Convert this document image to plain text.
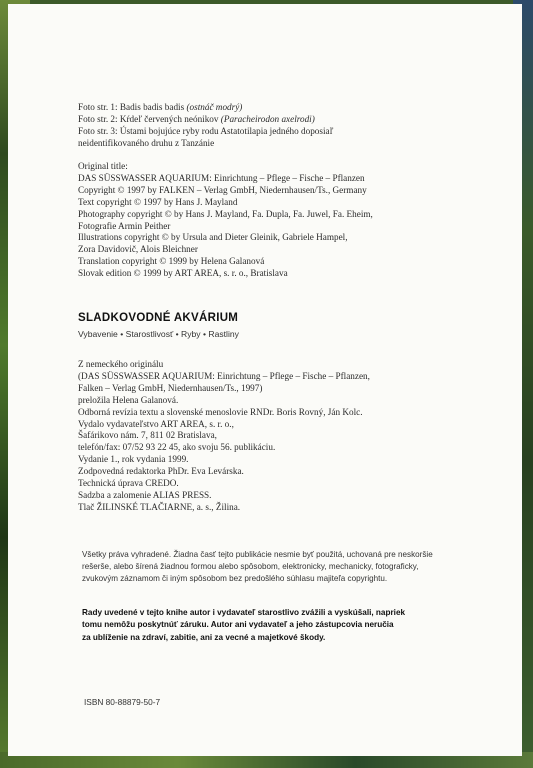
Foto str. 1: Badis badis badis (ostnáč modrý)
Foto str. 2: Kŕdeľ červených neónikov (Paracheirodon axelrodi)
Foto str. 3: Ústami bojujúce ryby rodu Astatotilapia jedného doposiaľ
neidentifikovaného druhu z Tanzánie
Original title:
DAS SÜSSWASSER AQUARIUM: Einrichtung – Pflege – Fische – Pflanzen
Copyright © 1997 by FALKEN – Verlag GmbH, Niedernhausen/Ts., Germany
Text copyright © 1997 by Hans J. Mayland
Photography copyright © by Hans J. Mayland, Fa. Dupla, Fa. Juwel, Fa. Eheim,
Fotografie Armin Peither
Illustrations copyright © by Ursula and Dieter Gleinik, Gabriele Hampel,
Zora Davidovič, Alois Bleichner
Translation copyright © 1999 by Helena Galanová
Slovak edition © 1999 by ART AREA, s. r. o., Bratislava
SLADKOVODNÉ AKVÁRIUM
Vybavenie • Starostlivosť • Ryby • Rastliny
Z nemeckého originálu
(DAS SÜSSWASSER AQUARIUM: Einrichtung – Pflege – Fische – Pflanzen,
Falken – Verlag GmbH, Niedernhausen/Ts., 1997)
preložila Helena Galanová.
Odborná revízia textu a slovenské menoslovie RNDr. Boris Rovný, Ján Kolc.
Vydalo vydavateľstvo ART AREA, s. r. o.,
Šafárikovo nám. 7, 811 02 Bratislava,
telefón/fax: 07/52 93 22 45, ako svoju 56. publikáciu.
Vydanie 1., rok vydania 1999.
Zodpovedná redaktorka PhDr. Eva Levárska.
Technická úprava CREDO.
Sadzba a zalomenie ALIAS PRESS.
Tlač ŽILINSKÉ TLAČIARNE, a. s., Žilina.
Všetky práva vyhradené. Žiadna časť tejto publikácie nesmie byť použitá, uchovaná pre neskoršie
rešerše, alebo šírená žiadnou formou alebo spôsobom, elektronicky, mechanicky, fotograficky,
zvukovým záznamom či iným spôsobom bez predošlého súhlasu majiteľa copyrightu.
Rady uvedené v tejto knihe autor i vydavateľ starostlivo zvážili a vyskúšali, napriek
tomu nemôžu poskytnúť záruku. Autor ani vydavateľ a jeho zástupcovia neručia
za ublíženie na zdraví, zabitie, ani za vecné a majetkové škody.
ISBN 80-88879-50-7
